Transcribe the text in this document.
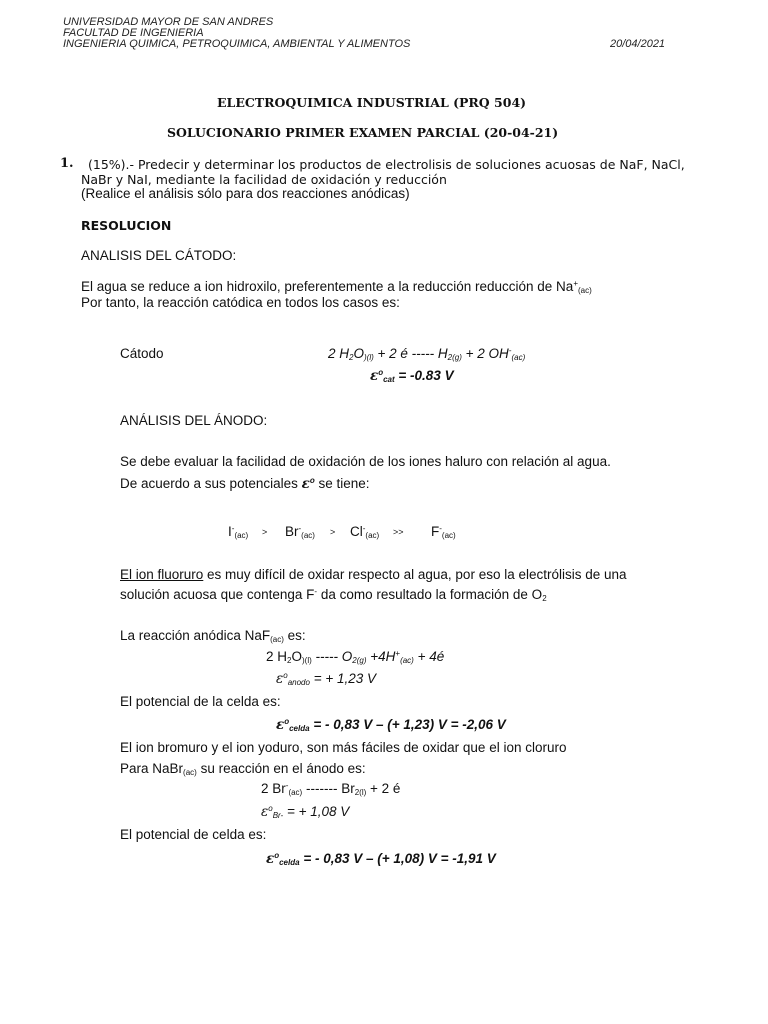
UNIVERSIDAD MAYOR DE SAN ANDRES
FACULTAD DE INGENIERIA
INGENIERIA QUIMICA, PETROQUIMICA, AMBIENTAL Y ALIMENTOS	20/04/2021
ELECTROQUIMICA INDUSTRIAL (PRQ 504)
SOLUCIONARIO PRIMER EXAMEN PARCIAL (20-04-21)
1. (15%).- Predecir y determinar los productos de electrolisis de soluciones acuosas de NaF, NaCl,
NaBr y NaI, mediante la facilidad de oxidación y reducción
(Realice el análisis sólo para dos reacciones anódicas)
RESOLUCION
ANALISIS DEL CÁTODO:
El agua se reduce a ion hidroxilo, preferentemente a la reducción reducción de $Na^+_{(ac)}$
Por tanto, la reacción catódica en todos los casos es:
Cátodo	2 $H_2O_{)(l)} + 2$ é ----- $H_{2(g)} + 2$ $OH^-_{(ac)}$
$\varepsilon^o_{cat} = -0.83$ V
ANÁLISIS DEL ÁNODO:
Se debe evaluar la facilidad de oxidación de los iones haluro con relación al agua.
De acuerdo a sus potenciales $\varepsilon^o$ se tiene:
$I^-_{(ac)} > Br^-_{(ac)} > Cl^-_{(ac)} >> F^-_{(ac)}$
El ion fluoruro es muy difícil de oxidar respecto al agua, por eso la electrólisis de una
solución acuosa que contenga F- da como resultado la formación de $O_2$
La reacción anódica NaF$_{(ac)}$ es:
2 $H_2O_{)(l)}$ ----- $O_{2(g)} +4H^+_{(ac)}$ + 4é
$\varepsilon^o_{anodo}$ = + 1,23 V
El potencial de la celda es:
$\varepsilon^o_{celda}$ = - 0,83 V – (+ 1,23) V = -2,06 V
El ion bromuro y el ion yoduro, son más fáciles de oxidar que el ion cloruro
Para NaBr$_{(ac)}$ su reacción en el ánodo es:
2 $Br^-_{(ac)}$ ------- $Br_{2(l)} + 2$ é
$\varepsilon^o_{Br-}$ = + 1,08 V
El potencial de celda es:
$\varepsilon^o_{celda}$ = - 0,83 V – (+ 1,08) V = -1,91 V
